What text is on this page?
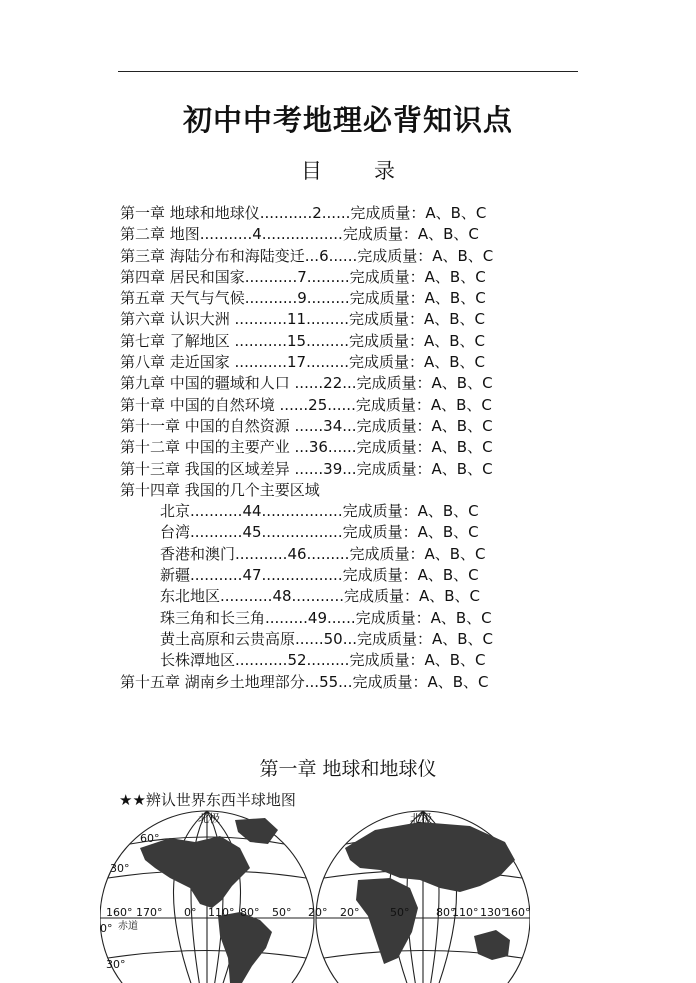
初中中考地理必背知识点
目 录
第一章 地球和地球仪...........2......完成质量：A、B、C
第二章 地图...........4.................完成质量：A、B、C
第三章 海陆分布和海陆变迁...6......完成质量：A、B、C
第四章 居民和国家...........7.........完成质量：A、B、C
第五章 天气与气候...........9.........完成质量：A、B、C
第六章 认识大洲 ...........11.........完成质量：A、B、C
第七章 了解地区 ...........15.........完成质量：A、B、C
第八章 走近国家 ...........17.........完成质量：A、B、C
第九章 中国的疆域和人口 ......22...完成质量：A、B、C
第十章 中国的自然环境 ......25......完成质量：A、B、C
第十一章 中国的自然资源 ......34...完成质量：A、B、C
第十二章 中国的主要产业 ...36......完成质量：A、B、C
第十三章 我国的区域差异 ......39...完成质量：A、B、C
第十四章 我国的几个主要区域
北京...........44.................完成质量：A、B、C
台湾...........45.................完成质量：A、B、C
香港和澳门...........46.........完成质量：A、B、C
新疆...........47.................完成质量：A、B、C
东北地区...........48...........完成质量：A、B、C
珠三角和长三角.........49......完成质量：A、B、C
黄土高原和云贵高原......50...完成质量：A、B、C
长株潭地区...........52.........完成质量：A、B、C
第十五章 湖南乡土地理部分...55...完成质量：A、B、C
第一章 地球和地球仪
★★辨认世界东西半球地图
北极	北极
60°
30°
0°
30°
赤道
160° 170° 0° 110° 80° 50° 20° 20°	50° 80°
110° 130°
160°
